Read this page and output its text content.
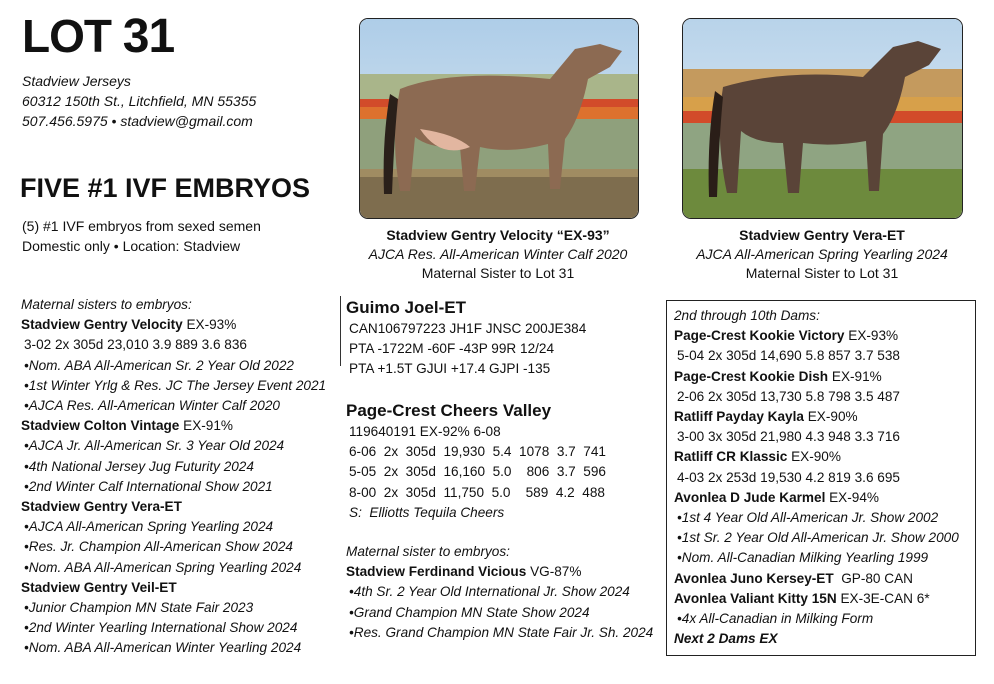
LOT 31
Stadview Jerseys
60312 150th St., Litchfield, MN 55355
507.456.5975 • stadview@gmail.com
FIVE #1 IVF EMBRYOS
(5) #1 IVF embryos from sexed semen
Domestic only • Location: Stadview
Stadview Gentry Velocity “EX-93”
AJCA Res. All-American Winter Calf 2020
Maternal Sister to Lot 31
Stadview Gentry Vera-ET
AJCA All-American Spring Yearling 2024
Maternal Sister to Lot 31
Maternal sisters to embryos:
Stadview Gentry Velocity EX-93%
3-02 2x 305d 23,010 3.9 889 3.6 836
•Nom. ABA All-American Sr. 2 Year Old 2022
•1st Winter Yrlg & Res. JC The Jersey Event 2021
•AJCA Res. All-American Winter Calf 2020
Stadview Colton Vintage EX-91%
•AJCA Jr. All-American Sr. 3 Year Old 2024
•4th National Jersey Jug Futurity 2024
•2nd Winter Calf International Show 2021
Stadview Gentry Vera-ET
•AJCA All-American Spring Yearling 2024
•Res. Jr. Champion All-American Show 2024
•Nom. ABA All-American Spring Yearling 2024
Stadview Gentry Veil-ET
•Junior Champion MN State Fair 2023
•2nd Winter Yearling International Show 2024
•Nom. ABA All-American Winter Yearling 2024
Guimo Joel-ET
CAN106797223 JH1F JNSC 200JE384
PTA -1722M -60F -43P 99R 12/24
PTA +1.5T GJUI +17.4 GJPI -135
Page-Crest Cheers Valley
119640191 EX-92% 6-08
6-06  2x  305d  19,930  5.4  1078  3.7  741
5-05  2x  305d  16,160  5.0    806  3.7  596
8-00  2x  305d  11,750  5.0    589  4.2  488
S:  Elliotts Tequila Cheers
Maternal sister to embryos:
Stadview Ferdinand Vicious VG-87%
•4th Sr. 2 Year Old International Jr. Show 2024
•Grand Champion MN State Show 2024
•Res. Grand Champion MN State Fair Jr. Sh. 2024
2nd through 10th Dams:
Page-Crest Kookie Victory EX-93%
5-04 2x 305d 14,690 5.8 857 3.7 538
Page-Crest Kookie Dish EX-91%
2-06 2x 305d 13,730 5.8 798 3.5 487
Ratliff Payday Kayla EX-90%
3-00 3x 305d 21,980 4.3 948 3.3 716
Ratliff CR Klassic EX-90%
4-03 2x 253d 19,530 4.2 819 3.6 695
Avonlea D Jude Karmel EX-94%
•1st 4 Year Old All-American Jr. Show 2002
•1st Sr. 2 Year Old All-American Jr. Show 2000
•Nom. All-Canadian Milking Yearling 1999
Avonlea Juno Kersey-ET  GP-80 CAN
Avonlea Valiant Kitty 15N EX-3E-CAN 6*
•4x All-Canadian in Milking Form
Next 2 Dams EX
